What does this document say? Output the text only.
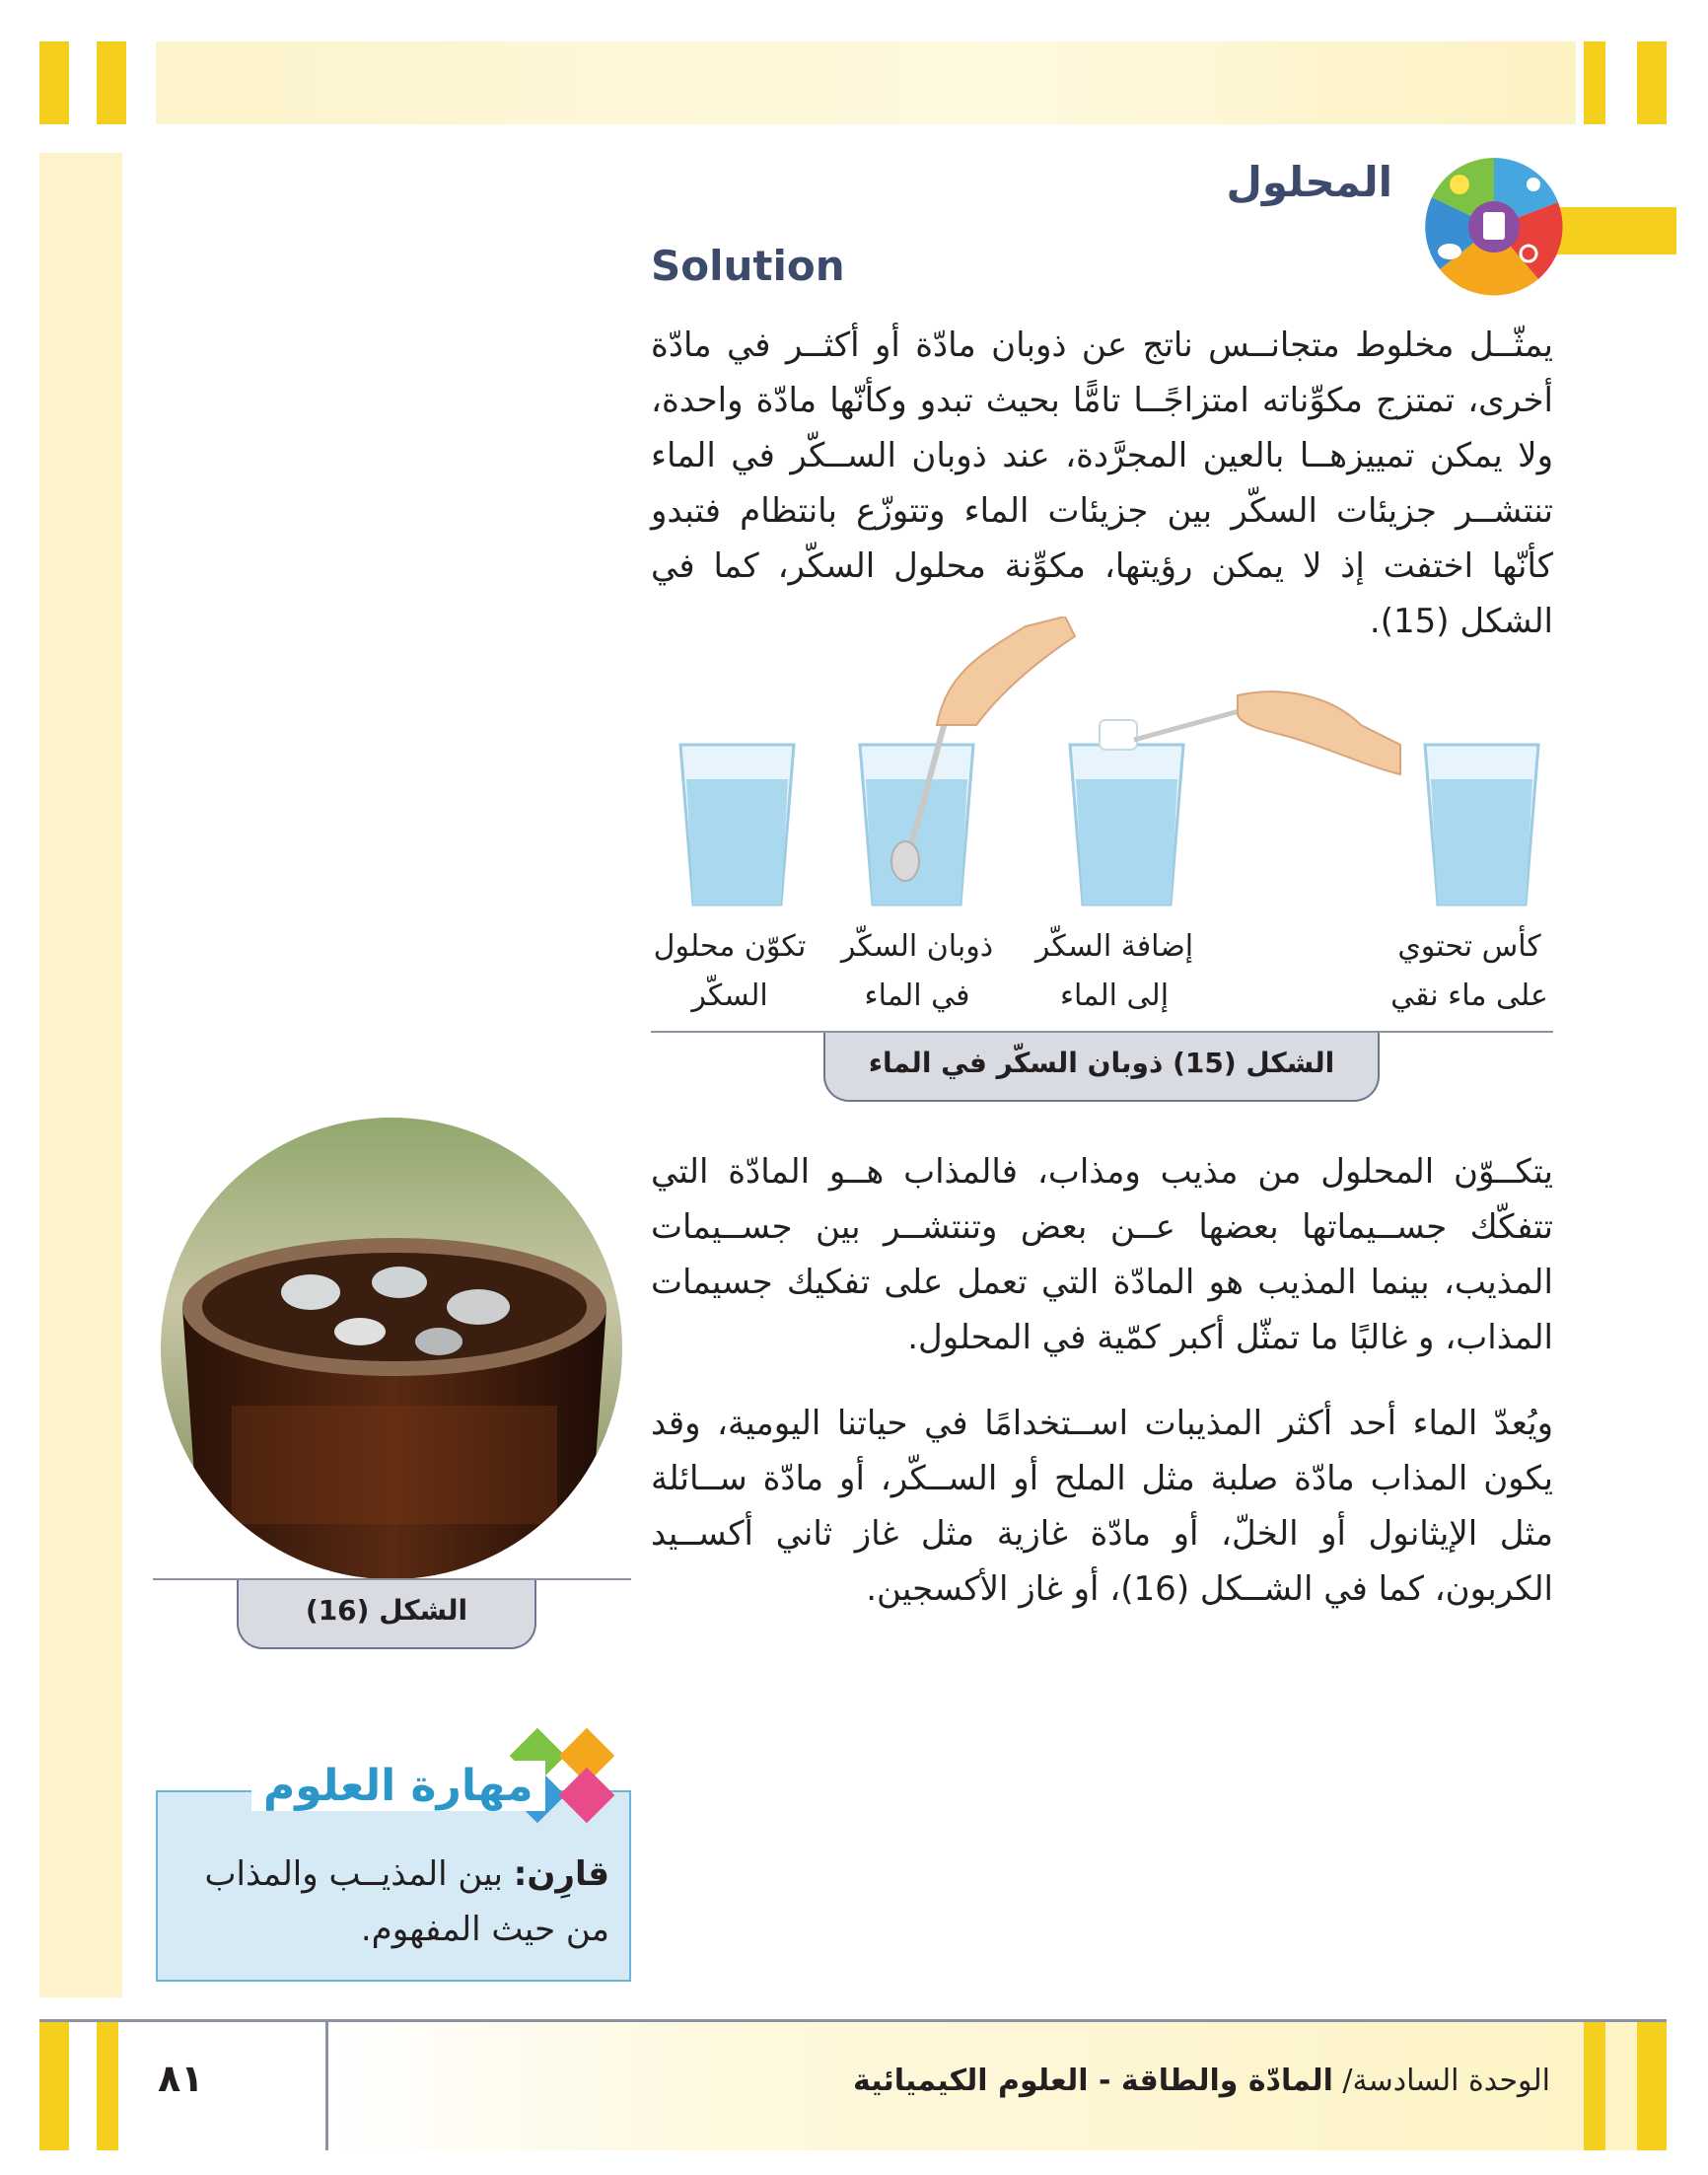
المحلول
Solution
يمثّــل مخلوط متجانــس ناتج عن ذوبان مادّة أو أكثــر في مادّة أخرى، تمتزج مكوِّناته امتزاجًــا تامًّا بحيث تبدو وكأنّها مادّة واحدة، ولا يمكن تمييزهــا بالعين المجرَّدة، عند ذوبان الســكّر في الماء تنتشــر جزيئات السكّر بين جزيئات الماء وتتوزّع بانتظام فتبدو كأنّها اختفت إذ لا يمكن رؤيتها، مكوِّنة محلول السكّر، كما في الشكل (15).
كأس تحتوي
على ماء نقي
إضافة السكّر
إلى الماء
ذوبان السكّر
في الماء
تكوّن محلول
السكّر
الشكل (15) ذوبان السكّر في الماء
يتكــوّن المحلول من مذيب ومذاب، فالمذاب هــو المادّة التي تتفكّك جســيماتها بعضها عــن بعض وتنتشــر بين جســيمات المذيب، بينما المذيب هو المادّة التي تعمل على تفكيك جسيمات المذاب، و غالبًا ما تمثّل أكبر كمّية في المحلول.
ويُعدّ الماء أحد أكثر المذيبات اســتخدامًا في حياتنا اليومية، وقد يكون المذاب مادّة صلبة مثل الملح أو الســكّر، أو مادّة ســائلة مثل الإيثانول أو الخلّ، أو مادّة غازية مثل غاز ثاني أكســيد الكربون، كما في الشــكل (16)، أو غاز الأكسجين.
الشكل (16)
مهارة العلوم
قارِن: بين المذيــب والمذاب من حيث المفهوم.
٨١	الوحدة السادسة/ المادّة والطاقة - العلوم الكيميائية
